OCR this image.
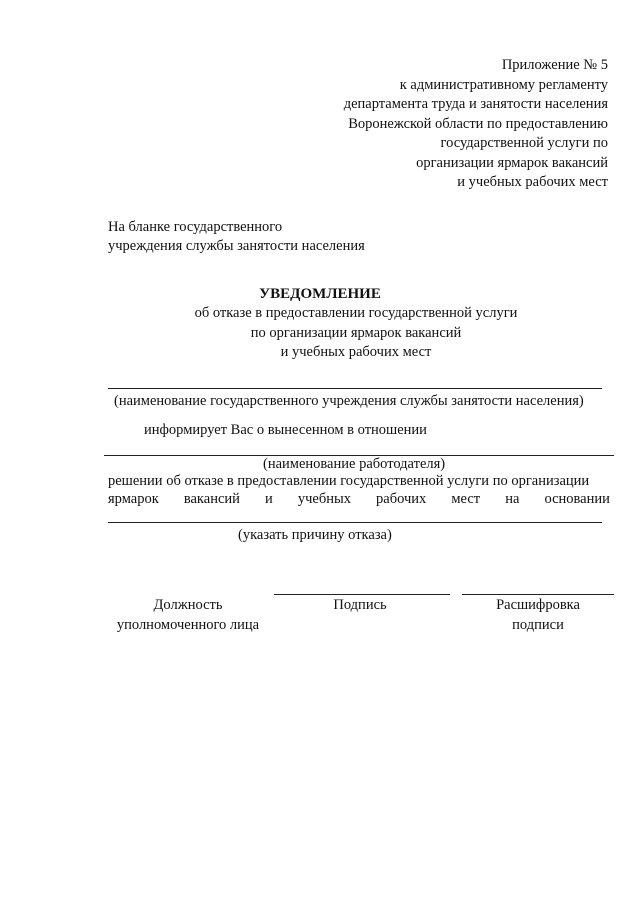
Приложение № 5
к административному регламенту
департамента труда и занятости населения
Воронежской области по предоставлению
государственной услуги по
организации ярмарок вакансий
и учебных рабочих мест
На бланке государственного
учреждения службы занятости населения
УВЕДОМЛЕНИЕ
об отказе в предоставлении государственной услуги
по организации ярмарок вакансий
и учебных рабочих мест
(наименование государственного учреждения службы занятости населения)
информирует Вас о вынесенном в отношении
(наименование работодателя)
решении об отказе в предоставлении государственной услуги по организации
ярмарок вакансий и учебных рабочих мест на основании
(указать причину отказа)
Должность
уполномоченного лица
Подпись	Расшифровка
подписи
